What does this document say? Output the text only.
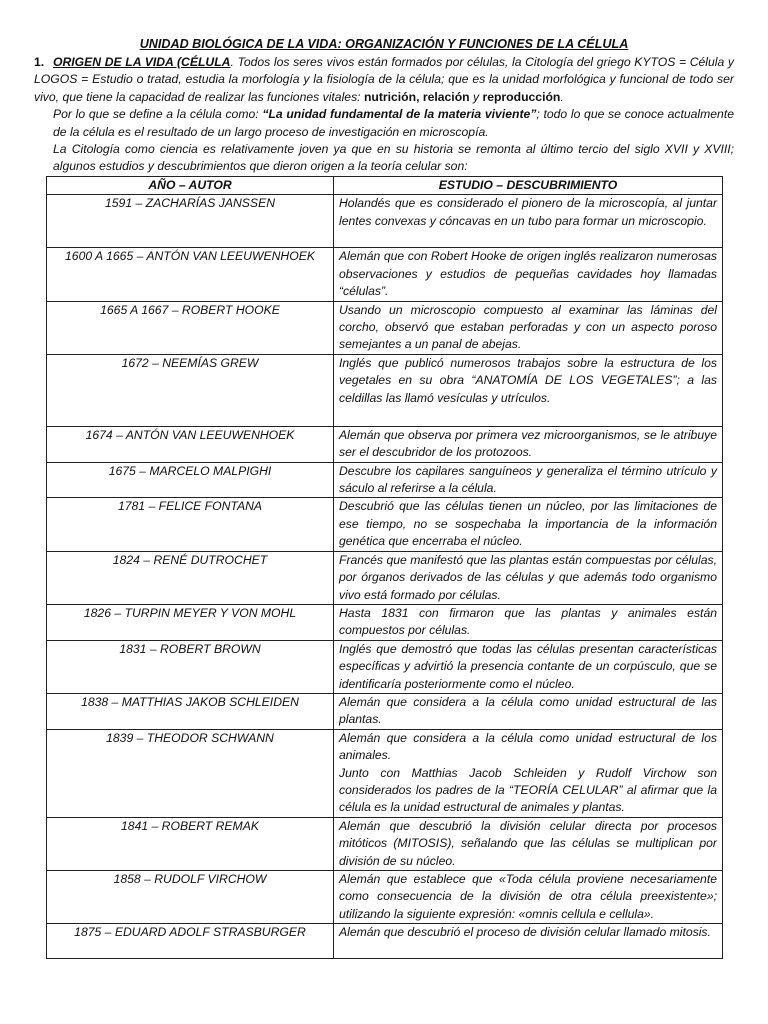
UNIDAD BIOLÓGICA DE LA VIDA: ORGANIZACIÓN Y FUNCIONES DE LA CÉLULA

1. ORIGEN DE LA VIDA (CÉLULA. Todos los seres vivos están formados por células, la Citología del griego KYTOS = Célula y LOGOS = Estudio o tratad, estudia la morfología y la fisiología de la célula; que es la unidad morfológica y funcional de todo ser vivo, que tiene la capacidad de realizar las funciones vitales: nutrición, relación y reproducción.

Por lo que se define a la célula como: “La unidad fundamental de la materia viviente”; todo lo que se conoce actualmente de la célula es el resultado de un largo proceso de investigación en microscopía.

La Citología como ciencia es relativamente joven ya que en su historia se remonta al último tercio del siglo XVII y XVIII; algunos estudios y descubrimientos que dieron origen a la teoría celular son:

AÑO – AUTOR	ESTUDIO – DESCUBRIMIENTO
1591 – ZACHARÍAS JANSSEN	Holandés que es considerado el pionero de la microscopía, al juntar lentes convexas y cóncavas en un tubo para formar un microscopio.
1600 A 1665 – ANTÓN VAN LEEUWENHOEK	Alemán que con Robert Hooke de origen inglés realizaron numerosas observaciones y estudios de pequeñas cavidades hoy llamadas “células”.
1665 A 1667 – ROBERT HOOKE	Usando un microscopio compuesto al examinar las láminas del corcho, observó que estaban perforadas y con un aspecto poroso semejantes a un panal de abejas.
1672 – NEEMÍAS GREW	Inglés que publicó numerosos trabajos sobre la estructura de los vegetales en su obra “ANATOMÍA DE LOS VEGETALES”; a las celdillas las llamó vesículas y utrículos.
1674 – ANTÓN VAN LEEUWENHOEK	Alemán que observa por primera vez microorganismos, se le atribuye ser el descubridor de los protozoos.
1675 – MARCELO MALPIGHI	Descubre los capilares sanguíneos y generaliza el término utrículo y sáculo al referirse a la célula.
1781 – FELICE FONTANA	Descubrió que las células tienen un núcleo, por las limitaciones de ese tiempo, no se sospechaba la importancia de la información genética que encerraba el núcleo.
1824 – RENÉ DUTROCHET	Francés que manifestó que las plantas están compuestas por células, por órganos derivados de las células y que además todo organismo vivo está formado por células.
1826 – TURPIN MEYER Y VON MOHL	Hasta 1831 con firmaron que las plantas y animales están compuestos por células.
1831 – ROBERT BROWN	Inglés que demostró que todas las células presentan características específicas y advirtió la presencia contante de un corpúsculo, que se identificaría posteriormente como el núcleo.
1838 – MATTHIAS JAKOB SCHLEIDEN	Alemán que considera a la célula como unidad estructural de las plantas.
1839 – THEODOR SCHWANN	Alemán que considera a la célula como unidad estructural de los animales.
Junto con Matthias Jacob Schleiden y Rudolf Virchow son considerados los padres de la “TEORÍA CELULAR” al afirmar que la célula es la unidad estructural de animales y plantas.

1841 – ROBERT REMAK	Alemán que descubrió la división celular directa por procesos mitóticos (MITOSIS), señalando que las células se multiplican por división de su núcleo.
1858 – RUDOLF VIRCHOW	Alemán que establece que «Toda célula proviene necesariamente como consecuencia de la división de otra célula preexistente»; utilizando la siguiente expresión: «omnis cellula e cellula».
1875 – EDUARD ADOLF STRASBURGER	Alemán que descubrió el proceso de división celular llamado mitosis.
